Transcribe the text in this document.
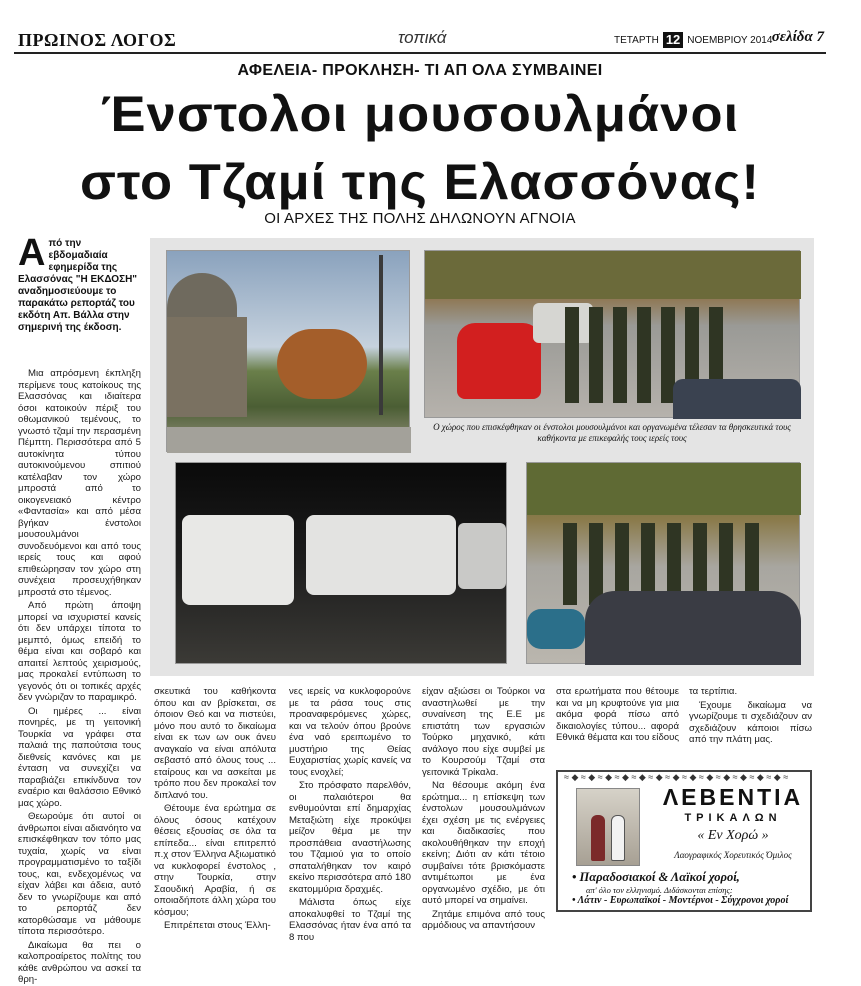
ΠΡΩΙΝΟΣ ΛΟΓΟΣ	τοπικά	ΤΕΤΑΡΤΗ 12 ΝΟΕΜΒΡΙΟΥ 2014 σελίδα 7
ΑΦΕΛΕΙΑ- ΠΡΟΚΛΗΣΗ- ΤΙ ΑΠ ΟΛΑ ΣΥΜΒΑΙΝΕΙ
Ένστολοι μουσουλμάνοι
στο Τζαμί της Ελασσόνας!
ΟΙ ΑΡΧΕΣ ΤΗΣ ΠΟΛΗΣ ΔΗΛΩΝΟΥΝ ΑΓΝΟΙΑ
Α πό την εβδομαδιαία εφημερίδα της Ελασσόνας "Η ΕΚΔΟΣΗ" αναδημοσιεύουμε το παρακάτω ρεπορτάζ του εκδότη Απ. Βάλλα στην σημερινή της έκδοση.
Ο χώρος που επισκέφθηκαν οι ένστολοι μουσουλμάνοι και οργανωμένα τέλεσαν τα θρησκευτικά τους καθήκοντα με επικεφαλής τους ιερείς τους

Μια απρόσμενη έκπληξη περίμενε τους κατοίκους της Ελασσόνας και ιδιαίτερα όσοι κατοικούν πέριξ του οθωμανικού τεμένους, το γνωστό τζαμί την περασμένη Πέμπτη. Περισσότερα από 5 αυτοκίνητα τύπου αυτοκινούμενου σπιτιού κατέλαβαν τον χώρο μπροστά από το οικογενειακό κέντρο «Φαντασία» και από μέσα βγήκαν ένστολοι μουσουλμάνοι συνοδευόμενοι και από τους ιερείς τους και αφού επιθεώρησαν τον χώρο στη συνέχεια προσευχήθηκαν μπροστά στο τέμενος.

Από πρώτη άποψη μπορεί να ισχυριστεί κανείς ότι δεν υπάρχει τίποτα το μεμπτό, όμως επειδή το θέμα είναι και σοβαρό και απαιτεί λεπτούς χειρισμούς, μας προκαλεί εντύπωση το γεγονός ότι οι τοπικές αρχές δεν γνώριζαν το παραμικρό.

Οι ημέρες ... είναι πονηρές, με τη γειτονική Τουρκία να γράφει στα παλαιά της παπούτσια τους διεθνείς κανόνες και με ένταση να συνεχίζει να παραβιάζει επικίνδυνα τον εναέριο και θαλάσσιο Εθνικό μας χώρο.

Θεωρούμε ότι αυτοί οι άνθρωποι είναι αδιανόητο να επισκέφθηκαν τον τόπο μας τυχαία, χωρίς να είναι προγραμματισμένο το ταξίδι τους, και, ενδεχομένως να είχαν λάβει και άδεια, αυτό δεν το γνωρίζουμε και από το ρεπορτάζ δεν κατορθώσαμε να μάθουμε τίποτα περισσότερο.

Δικαίωμα θα πει ο καλοπροαίρετος πολίτης του κάθε ανθρώπου να ασκεί τα θρη-

σκευτικά του καθήκοντα όπου και αν βρίσκεται, σε όποιον Θεό και να πιστεύει, μόνο που αυτό το δικαίωμα είναι εκ των ων ουκ άνευ αναγκαίο να είναι απόλυτα σεβαστό από όλους τους ... εταίρους και να ασκείται με τρόπο που δεν προκαλεί τον διπλανό του.

Θέτουμε ένα ερώτημα σε όλους όσους κατέχουν θέσεις εξουσίας σε όλα τα επίπεδα... είναι επιτρεπτό π.χ στον Έλληνα Αξιωματικό να κυκλοφορεί ένστολος , στην Τουρκία, στην Σαουδική Αραβία, ή σε οποιαδήποτε άλλη χώρα του κόσμου;

Επιτρέπεται στους Έλλη-

νες ιερείς να κυκλοφορούνε με τα ράσα τους στις προαναφερόμενες χώρες, και να τελούν όπου βρούνε ένα ναό ερειπωμένο το μυστήριο της Θείας Ευχαριστίας χωρίς κανείς να τους ενοχλεί;

Στο πρόσφατο παρελθόν, οι παλαιότεροι θα ενθυμούνται επί δημαρχίας Μεταξιώτη είχε προκύψει μείζον θέμα με την προσπάθεια αναστήλωσης του Τζαμιού για το οποίο σπαταλήθηκαν τον καιρό εκείνο περισσότερα από 180 εκατομμύρια δραχμές.

Μάλιστα όπως είχε αποκαλυφθεί το Τζαμί της Ελασσόνας ήταν ένα από τα 8 που

είχαν αξιώσει οι Τούρκοι να αναστηλωθεί με την συναίνεση της Ε.Ε με επιστάτη των εργασιών Τούρκο μηχανικό, κάτι ανάλογο που είχε συμβεί με το Κουρσούμ Τζαμί στα γειτονικά Τρίκαλα.

Να θέσουμε ακόμη ένα ερώτημα... η επίσκεψη των ένστολων μουσουλμάνων έχει σχέση με τις ενέργειες και διαδικασίες που ακολουθήθηκαν την εποχή εκείνη; Διότι αν κάτι τέτοιο συμβαίνει τότε βρισκόμαστε αντιμέτωποι με ένα οργανωμένο σχέδιο, με ότι αυτό μπορεί να σημαίνει.

Ζητάμε επιμόνα από τους αρμόδιους να απαντήσουν

στα ερωτήματα που θέτουμε και να μη κρυφτούνε για μια ακόμα φορά πίσω από δικαιολογίες τύπου... αφορά Εθνικά θέματα και του είδους

τα τερτίπια.

Έχουμε δικαίωμα να γνωρίζουμε τι σχεδιάζουν αν σχεδιάζουν κάποιοι πίσω από την πλάτη μας.

≈ ◆ ≈ ◆ ≈ ◆ ≈ ◆ ≈ ◆ ≈ ◆ ≈ ◆ ≈ ◆ ≈ ◆ ≈ ◆ ≈ ◆ ≈ ◆ ≈ ◆ ≈
ΛΕΒΕΝΤΙΑ
ΤΡΙΚΑΛΩΝ
« Εν Χορώ »
Λαογραφικός Χορευτικός Όμιλος
• Παραδοσιακοί & Λαϊκοί χοροί,
απ' όλο τον ελληνισμό. Διδάσκονται επίσης:
• Λάτιν - Ευρωπαϊκοί - Μοντέρνοι - Σύγχρονοι χοροί
